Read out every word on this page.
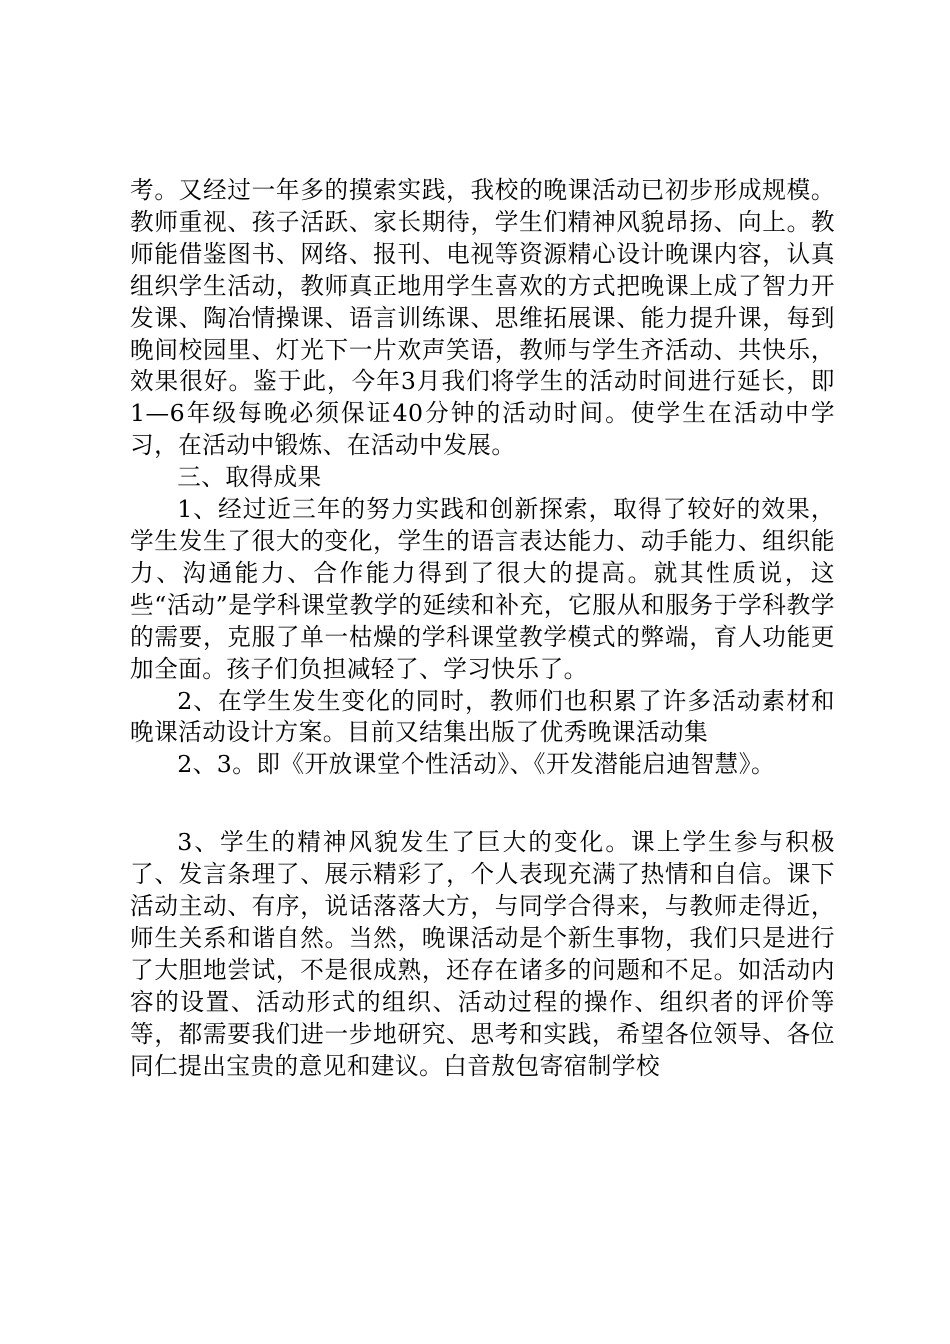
考。又经过一年多的摸索实践，我校的晚课活动已初步形成规模。教师重视、孩子活跃、家长期待，学生们精神风貌昂扬、向上。教师能借鉴图书、网络、报刊、电视等资源精心设计晚课内容，认真组织学生活动，教师真正地用学生喜欢的方式把晚课上成了智力开发课、陶冶情操课、语言训练课、思维拓展课、能力提升课，每到晚间校园里、灯光下一片欢声笑语，教师与学生齐活动、共快乐，效果很好。鉴于此，今年3月我们将学生的活动时间进行延长，即1—6年级每晚必须保证40分钟的活动时间。使学生在活动中学习，在活动中锻炼、在活动中发展。

三、取得成果

1、经过近三年的努力实践和创新探索，取得了较好的效果，学生发生了很大的变化，学生的语言表达能力、动手能力、组织能力、沟通能力、合作能力得到了很大的提高。就其性质说，这些“活动”是学科课堂教学的延续和补充，它服从和服务于学科教学的需要，克服了单一枯燥的学科课堂教学模式的弊端，育人功能更加全面。孩子们负担减轻了、学习快乐了。

2、在学生发生变化的同时，教师们也积累了许多活动素材和晚课活动设计方案。目前又结集出版了优秀晚课活动集

2、3。即《开放课堂个性活动》、《开发潜能启迪智慧》。

3、学生的精神风貌发生了巨大的变化。课上学生参与积极了、发言条理了、展示精彩了，个人表现充满了热情和自信。课下活动主动、有序，说话落落大方，与同学合得来，与教师走得近，师生关系和谐自然。当然，晚课活动是个新生事物，我们只是进行了大胆地尝试，不是很成熟，还存在诸多的问题和不足。如活动内容的设置、活动形式的组织、活动过程的操作、组织者的评价等等，都需要我们进一步地研究、思考和实践，希望各位领导、各位同仁提出宝贵的意见和建议。白音敖包寄宿制学校
